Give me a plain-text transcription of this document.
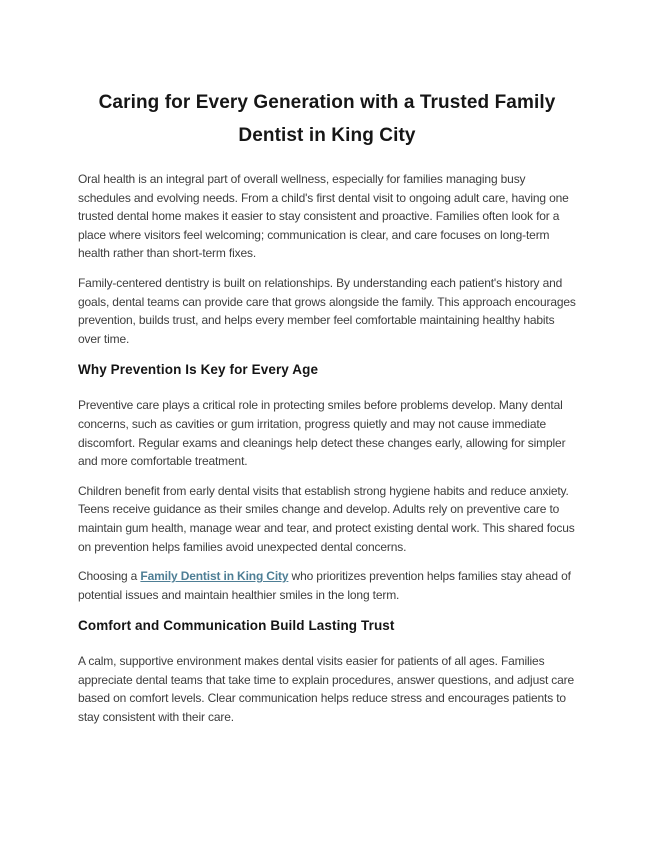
Caring for Every Generation with a Trusted Family Dentist in King City

Oral health is an integral part of overall wellness, especially for families managing busy schedules and evolving needs. From a child's first dental visit to ongoing adult care, having one trusted dental home makes it easier to stay consistent and proactive. Families often look for a place where visitors feel welcoming; communication is clear, and care focuses on long-term health rather than short-term fixes.

Family-centered dentistry is built on relationships. By understanding each patient's history and goals, dental teams can provide care that grows alongside the family. This approach encourages prevention, builds trust, and helps every member feel comfortable maintaining healthy habits over time.

Why Prevention Is Key for Every Age

Preventive care plays a critical role in protecting smiles before problems develop. Many dental concerns, such as cavities or gum irritation, progress quietly and may not cause immediate discomfort. Regular exams and cleanings help detect these changes early, allowing for simpler and more comfortable treatment.

Children benefit from early dental visits that establish strong hygiene habits and reduce anxiety. Teens receive guidance as their smiles change and develop. Adults rely on preventive care to maintain gum health, manage wear and tear, and protect existing dental work. This shared focus on prevention helps families avoid unexpected dental concerns.

Choosing a Family Dentist in King City who prioritizes prevention helps families stay ahead of potential issues and maintain healthier smiles in the long term.

Comfort and Communication Build Lasting Trust

A calm, supportive environment makes dental visits easier for patients of all ages. Families appreciate dental teams that take time to explain procedures, answer questions, and adjust care based on comfort levels. Clear communication helps reduce stress and encourages patients to stay consistent with their care.
